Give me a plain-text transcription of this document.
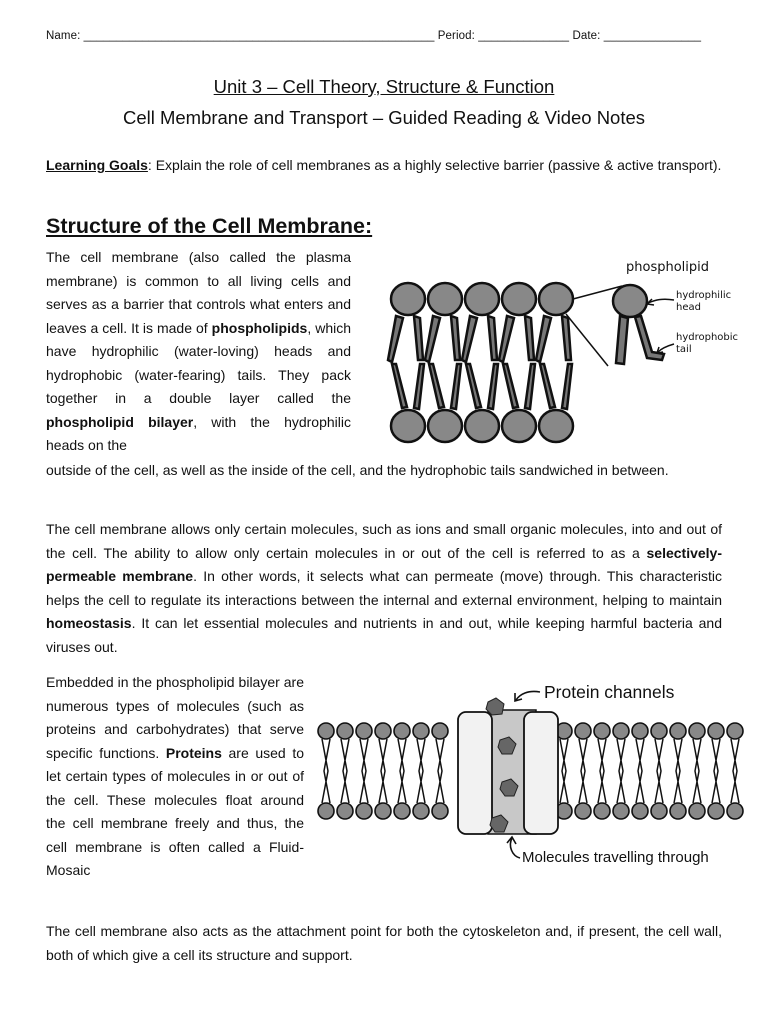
Name: ______________________________________________________ Period: ______________ Date: _______________
Unit 3 – Cell Theory, Structure & Function
Cell Membrane and Transport – Guided Reading & Video Notes
Learning Goals: Explain the role of cell membranes as a highly selective barrier (passive & active transport).
Structure of the Cell Membrane:
The cell membrane (also called the plasma membrane) is common to all living cells and serves as a barrier that controls what enters and leaves a cell. It is made of phospholipids, which have hydrophilic (water-loving) heads and hydrophobic (water-fearing) tails. They pack together in a double layer called the phospholipid bilayer, with the hydrophilic heads on the
outside of the cell, as well as the inside of the cell, and the hydrophobic tails sandwiched in between.
phospholipid
hydrophilic
head
hydrophobic
tail
The cell membrane allows only certain molecules, such as ions and small organic molecules, into and out of the cell. The ability to allow only certain molecules in or out of the cell is referred to as a selectively-permeable membrane. In other words, it selects what can permeate (move) through. This characteristic helps the cell to regulate its interactions between the internal and external environment, helping to maintain homeostasis. It can let essential molecules and nutrients in and out, while keeping harmful bacteria and viruses out.
Embedded in the phospholipid bilayer are numerous types of molecules (such as proteins and carbohydrates) that serve specific functions. Proteins are used to let certain types of molecules in or out of the cell. These molecules float around the cell membrane freely and thus, the cell membrane is often called a Fluid-Mosaic
Protein channels
Molecules travelling through
The cell membrane also acts as the attachment point for both the cytoskeleton and, if present, the cell wall, both of which give a cell its structure and support.
